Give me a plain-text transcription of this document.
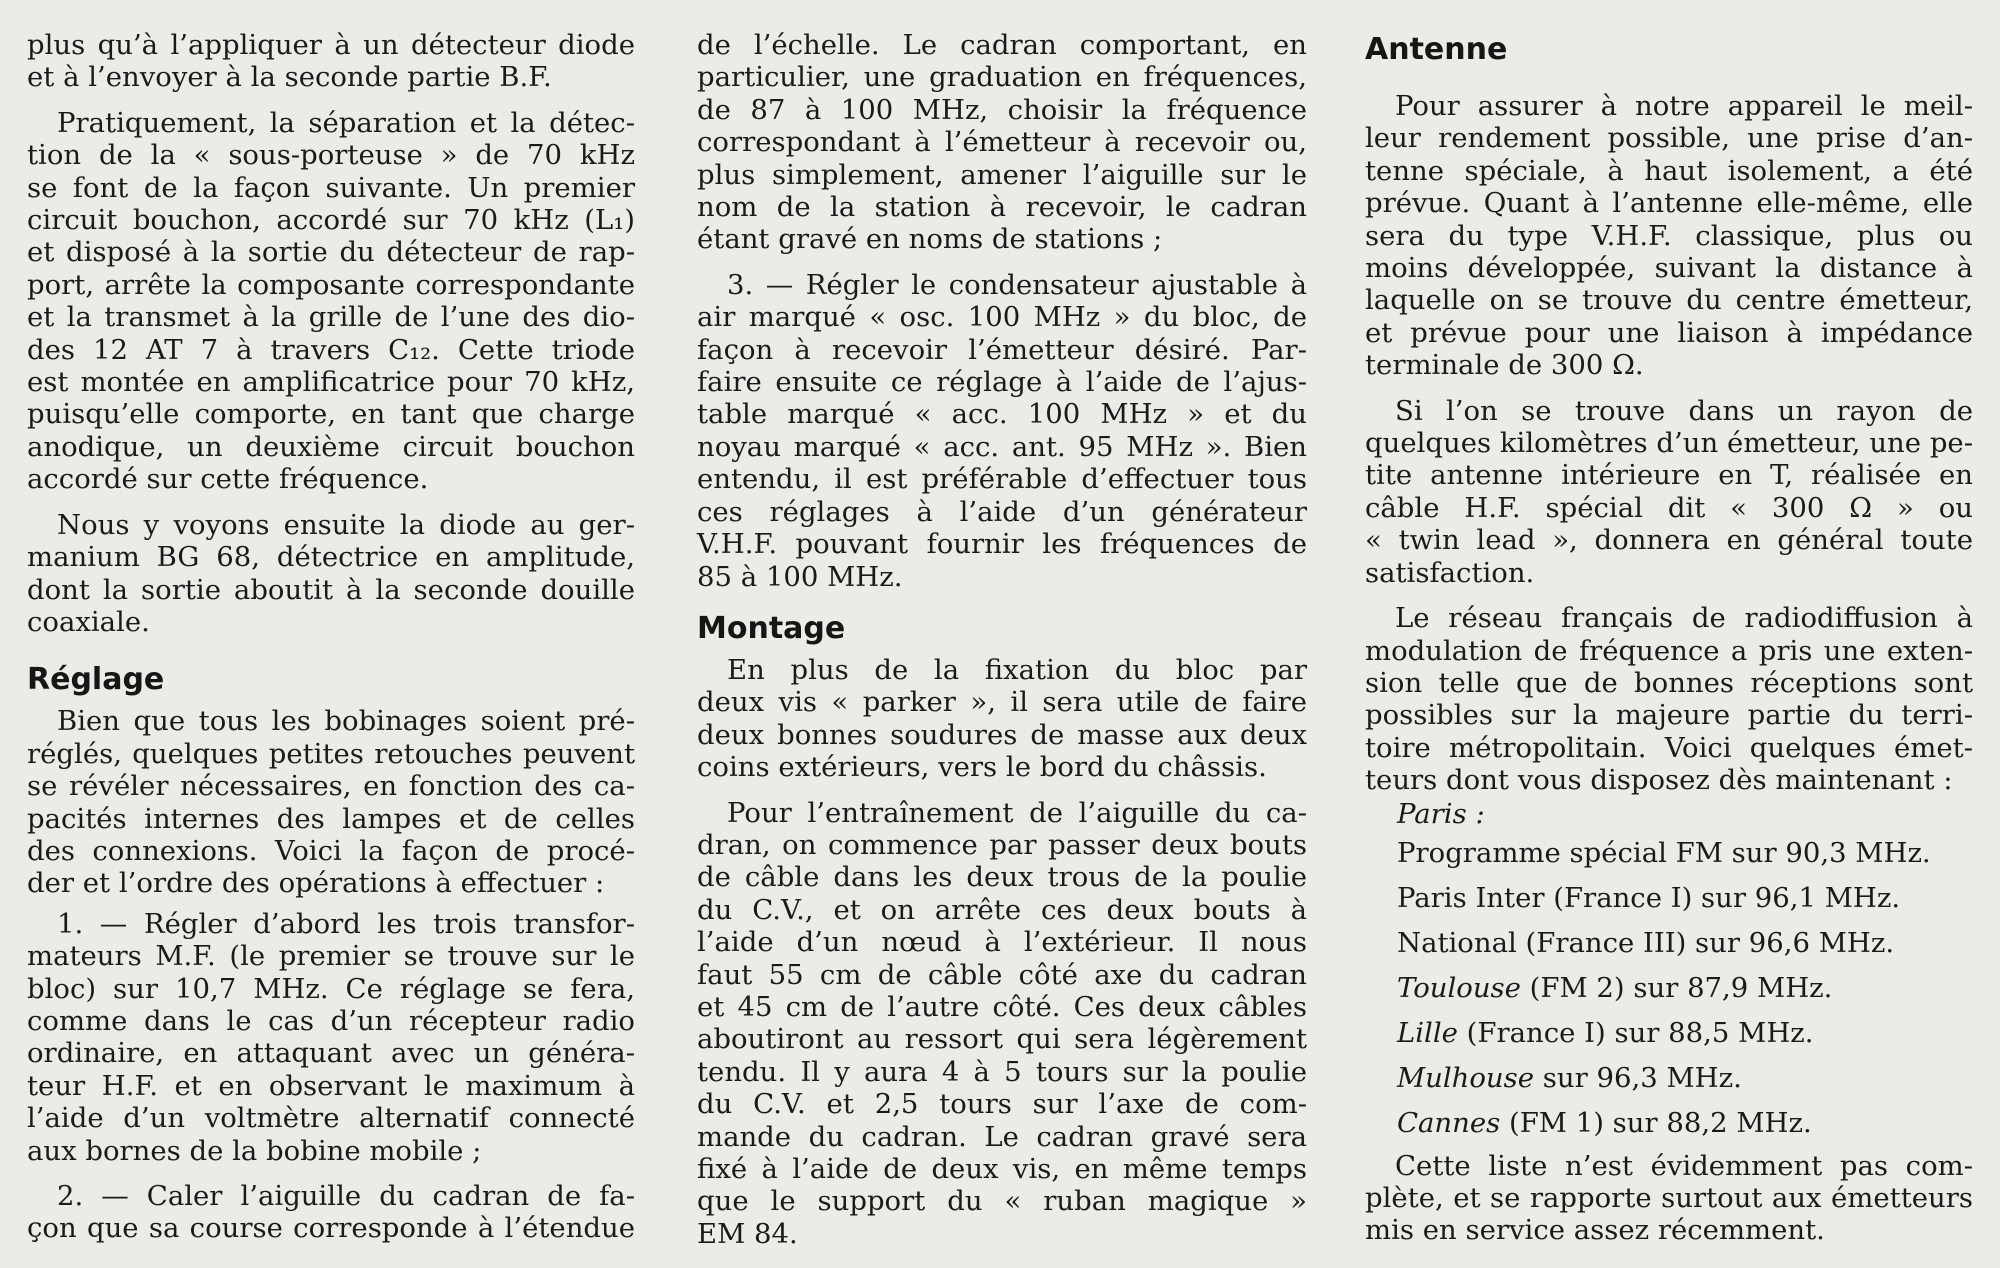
plus qu’à l’appliquer à un détecteur diode
et à l’envoyer à la seconde partie B.F.
Pratiquement, la séparation et la détec-
tion de la « sous-porteuse » de 70 kHz
se font de la façon suivante. Un premier
circuit bouchon, accordé sur 70 kHz (L₁)
et disposé à la sortie du détecteur de rap-
port, arrête la composante correspondante
et la transmet à la grille de l’une des dio-
des 12 AT 7 à travers C₁₂. Cette triode
est montée en amplificatrice pour 70 kHz,
puisqu’elle comporte, en tant que charge
anodique, un deuxième circuit bouchon
accordé sur cette fréquence.
Nous y voyons ensuite la diode au ger-
manium BG 68, détectrice en amplitude,
dont la sortie aboutit à la seconde douille
coaxiale.
Réglage
Bien que tous les bobinages soient pré-
réglés, quelques petites retouches peuvent
se révéler nécessaires, en fonction des ca-
pacités internes des lampes et de celles
des connexions. Voici la façon de procé-
der et l’ordre des opérations à effectuer :
1. — Régler d’abord les trois transfor-
mateurs M.F. (le premier se trouve sur le
bloc) sur 10,7 MHz. Ce réglage se fera,
comme dans le cas d’un récepteur radio
ordinaire, en attaquant avec un généra-
teur H.F. et en observant le maximum à
l’aide d’un voltmètre alternatif connecté
aux bornes de la bobine mobile ;
2. — Caler l’aiguille du cadran de fa-
çon que sa course corresponde à l’étendue
de l’échelle. Le cadran comportant, en
particulier, une graduation en fréquences,
de 87 à 100 MHz, choisir la fréquence
correspondant à l’émetteur à recevoir ou,
plus simplement, amener l’aiguille sur le
nom de la station à recevoir, le cadran
étant gravé en noms de stations ;
3. — Régler le condensateur ajustable à
air marqué « osc. 100 MHz » du bloc, de
façon à recevoir l’émetteur désiré. Par-
faire ensuite ce réglage à l’aide de l’ajus-
table marqué « acc. 100 MHz » et du
noyau marqué « acc. ant. 95 MHz ». Bien
entendu, il est préférable d’effectuer tous
ces réglages à l’aide d’un générateur
V.H.F. pouvant fournir les fréquences de
85 à 100 MHz.
Montage
En plus de la fixation du bloc par
deux vis « parker », il sera utile de faire
deux bonnes soudures de masse aux deux
coins extérieurs, vers le bord du châssis.
Pour l’entraînement de l’aiguille du ca-
dran, on commence par passer deux bouts
de câble dans les deux trous de la poulie
du C.V., et on arrête ces deux bouts à
l’aide d’un nœud à l’extérieur. Il nous
faut 55 cm de câble côté axe du cadran
et 45 cm de l’autre côté. Ces deux câbles
aboutiront au ressort qui sera légèrement
tendu. Il y aura 4 à 5 tours sur la poulie
du C.V. et 2,5 tours sur l’axe de com-
mande du cadran. Le cadran gravé sera
fixé à l’aide de deux vis, en même temps
que le support du « ruban magique »
EM 84.
Antenne
Pour assurer à notre appareil le meil-
leur rendement possible, une prise d’an-
tenne spéciale, à haut isolement, a été
prévue. Quant à l’antenne elle-même, elle
sera du type V.H.F. classique, plus ou
moins développée, suivant la distance à
laquelle on se trouve du centre émetteur,
et prévue pour une liaison à impédance
terminale de 300 Ω.
Si l’on se trouve dans un rayon de
quelques kilomètres d’un émetteur, une pe-
tite antenne intérieure en T, réalisée en
câble H.F. spécial dit « 300 Ω » ou
« twin lead », donnera en général toute
satisfaction.
Le réseau français de radiodiffusion à
modulation de fréquence a pris une exten-
sion telle que de bonnes réceptions sont
possibles sur la majeure partie du terri-
toire métropolitain. Voici quelques émet-
teurs dont vous disposez dès maintenant :
Paris :
Programme spécial FM sur 90,3 MHz.
Paris Inter (France I) sur 96,1 MHz.
National (France III) sur 96,6 MHz.
Toulouse (FM 2) sur 87,9 MHz.
Lille (France I) sur 88,5 MHz.
Mulhouse sur 96,3 MHz.
Cannes (FM 1) sur 88,2 MHz.
Cette liste n’est évidemment pas com-
plète, et se rapporte surtout aux émetteurs
mis en service assez récemment.
